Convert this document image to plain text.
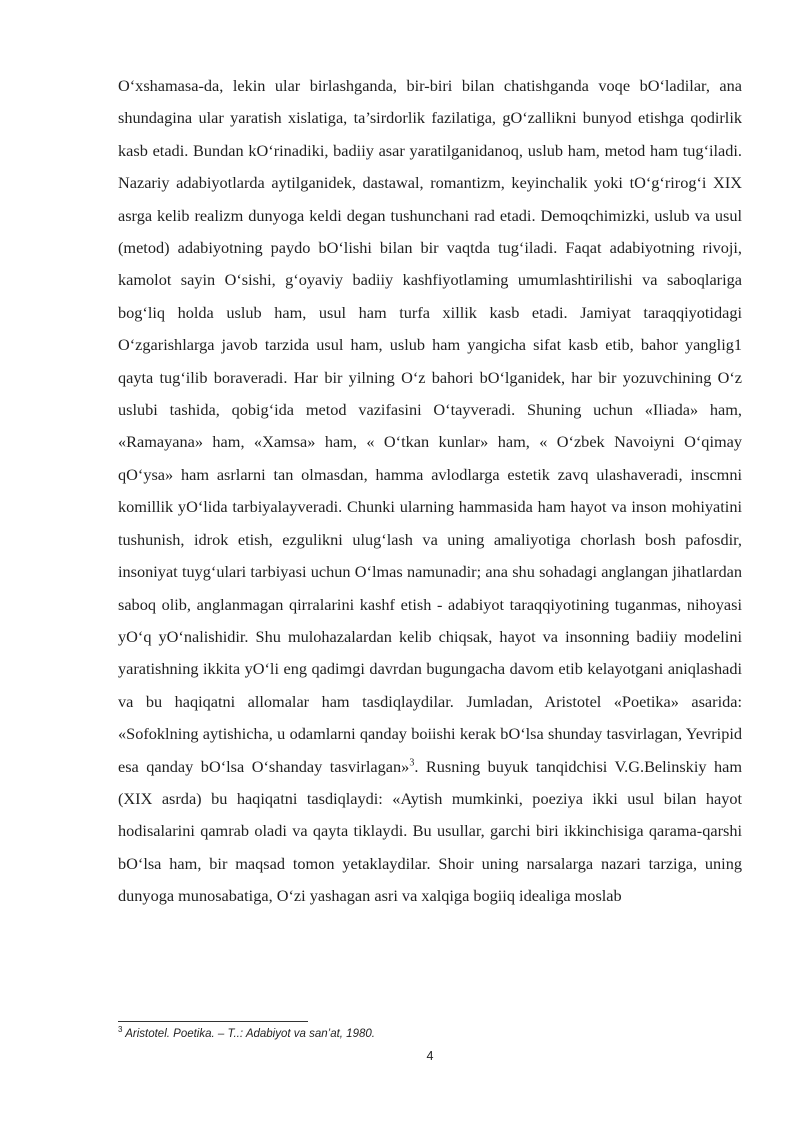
O‘xshamasa-da, lekin ular birlashganda, bir-biri bilan chatishganda voqe bO‘ladilar, ana shundagina ular yaratish xislatiga, ta’sirdorlik fazilatiga, gO‘zallikni bunyod etishga qodirlik kasb etadi. Bundan kO‘rinadiki, badiiy asar yaratilganidanoq, uslub ham, metod ham tug‘iladi. Nazariy adabiyotlarda aytilganidek, dastawal, romantizm, keyinchalik yoki tO‘g‘rirog‘i XIX asrga kelib realizm dunyoga keldi degan tushunchani rad etadi. Demoqchimizki, uslub va usul (metod) adabiyotning paydo bO‘lishi bilan bir vaqtda tug‘iladi. Faqat adabiyotning rivoji, kamolot sayin O‘sishi, g‘oyaviy badiiy kashfiyotlaming umumlashtirilishi va saboqlariga bog‘liq holda uslub ham, usul ham turfa xillik kasb etadi. Jamiyat taraqqiyotidagi O‘zgarishlarga javob tarzida usul ham, uslub ham yangicha sifat kasb etib, bahor yanglig1 qayta tug‘ilib boraveradi. Har bir yilning O‘z bahori bO‘lganidek, har bir yozuvchining O‘z uslubi tashida, qobig‘ida metod vazifasini O‘tayveradi. Shuning uchun «Iliada» ham, «Ramayana» ham, «Xamsa» ham, « O‘tkan kunlar» ham, « O‘zbek Navoiyni O‘qimay qO‘ysa» ham asrlarni tan olmasdan, hamma avlodlarga estetik zavq ulashaveradi, inscmni komillik yO‘lida tarbiyalayveradi. Chunki ularning hammasida ham hayot va inson mohiyatini tushunish, idrok etish, ezgulikni ulug‘lash va uning amaliyotiga chorlash bosh pafosdir, insoniyat tuyg‘ulari tarbiyasi uchun O‘lmas namunadir; ana shu sohadagi anglangan jihatlardan saboq olib, anglanmagan qirralarini kashf etish - adabiyot taraqqiyotining tuganmas, nihoyasi yO‘q yO‘nalishidir. Shu mulohazalardan kelib chiqsak, hayot va insonning badiiy modelini yaratishning ikkita yO‘li eng qadimgi davrdan bugungacha davom etib kelayotgani aniqlashadi va bu haqiqatni allomalar ham tasdiqlaydilar. Jumladan, Aristotel «Poetika» asarida: «Sofoklning aytishicha, u odamlarni qanday boiishi kerak bO‘lsa shunday tasvirlagan, Yevripid esa qanday bO‘lsa O‘shanday tasvirlagan»$^3$. Rusning buyuk tanqidchisi V.G.Belinskiy ham (XIX asrda) bu haqiqatni tasdiqlaydi: «Aytish mumkinki, poeziya ikki usul bilan hayot hodisalarini qamrab oladi va qayta tiklaydi. Bu usullar, garchi biri ikkinchisiga qarama-qarshi bO‘lsa ham, bir maqsad tomon yetaklaydilar. Shoir uning narsalarga nazari tarziga, uning dunyoga munosabatiga, O‘zi yashagan asri va xalqiga bogiiq idealiga moslab

$^3$ Aristotel. Poetika. – T..: Adabiyot va san’at, 1980.
4
